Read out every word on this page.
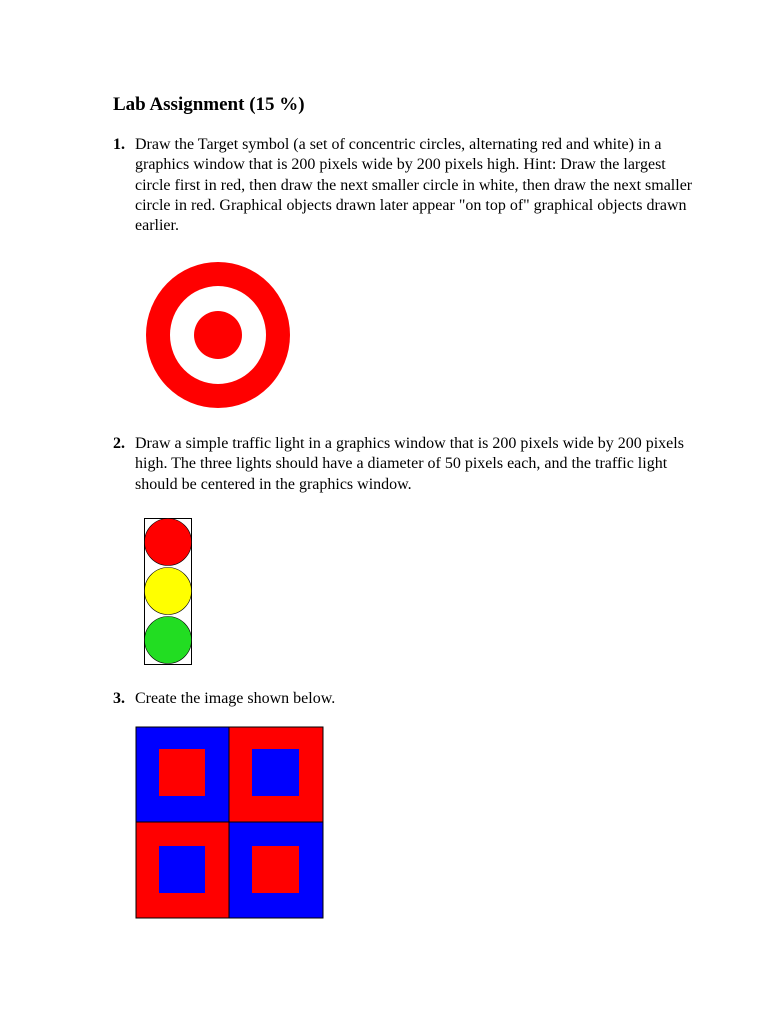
Lab Assignment (15 %)
1. Draw the Target symbol (a set of concentric circles, alternating red and white) in a graphics window that is 200 pixels wide by 200 pixels high. Hint: Draw the largest circle first in red, then draw the next smaller circle in white, then draw the next smaller circle in red. Graphical objects drawn later appear "on top of" graphical objects drawn earlier.
2. Draw a simple traffic light in a graphics window that is 200 pixels wide by 200 pixels high. The three lights should have a diameter of 50 pixels each, and the traffic light should be centered in the graphics window.
3. Create the image shown below.
